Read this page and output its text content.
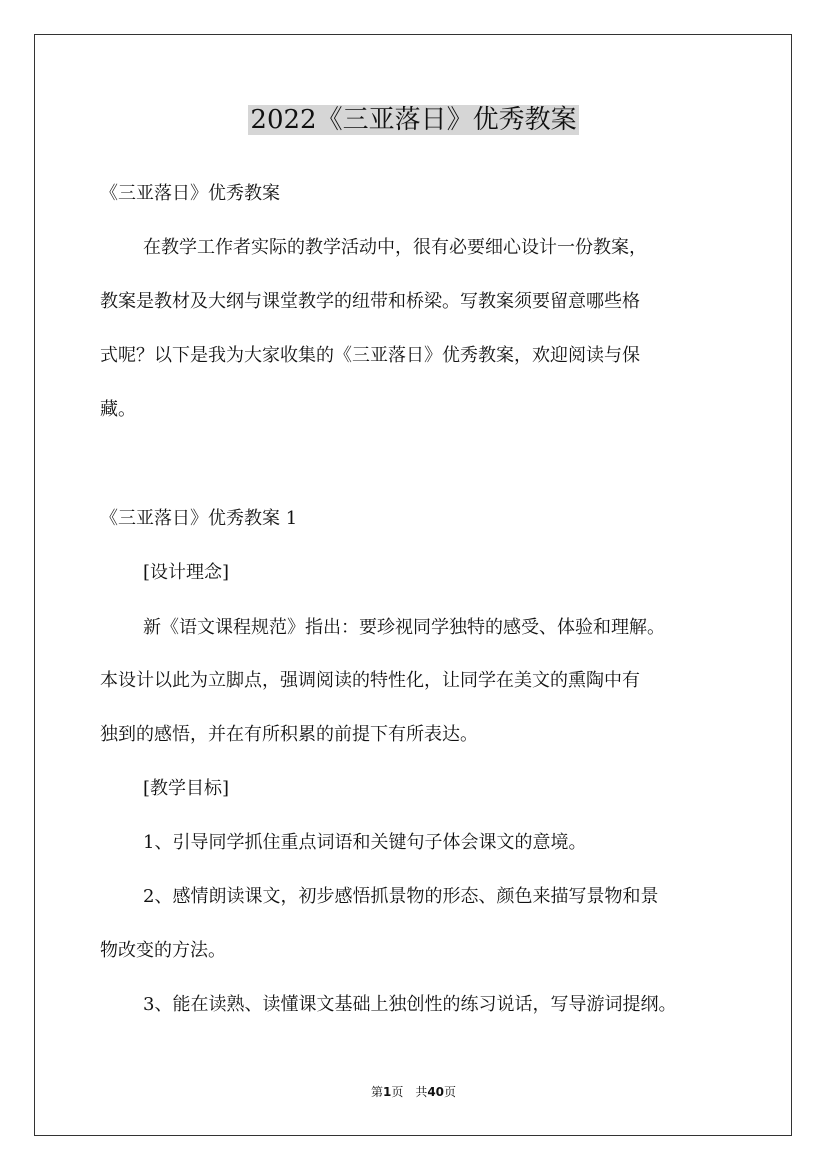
2022《三亚落日》优秀教案

《三亚落日》优秀教案

在教学工作者实际的教学活动中，很有必要细心设计一份教案，

教案是教材及大纲与课堂教学的纽带和桥梁。写教案须要留意哪些格

式呢？以下是我为大家收集的《三亚落日》优秀教案，欢迎阅读与保

藏。

《三亚落日》优秀教案 1

[设计理念]

新《语文课程规范》指出：要珍视同学独特的感受、体验和理解。

本设计以此为立脚点，强调阅读的特性化，让同学在美文的熏陶中有

独到的感悟，并在有所积累的前提下有所表达。

[教学目标]

1、引导同学抓住重点词语和关键句子体会课文的意境。

2、感情朗读课文，初步感悟抓景物的形态、颜色来描写景物和景

物改变的方法。

3、能在读熟、读懂课文基础上独创性的练习说话，写导游词提纲。

第1页　共40页
